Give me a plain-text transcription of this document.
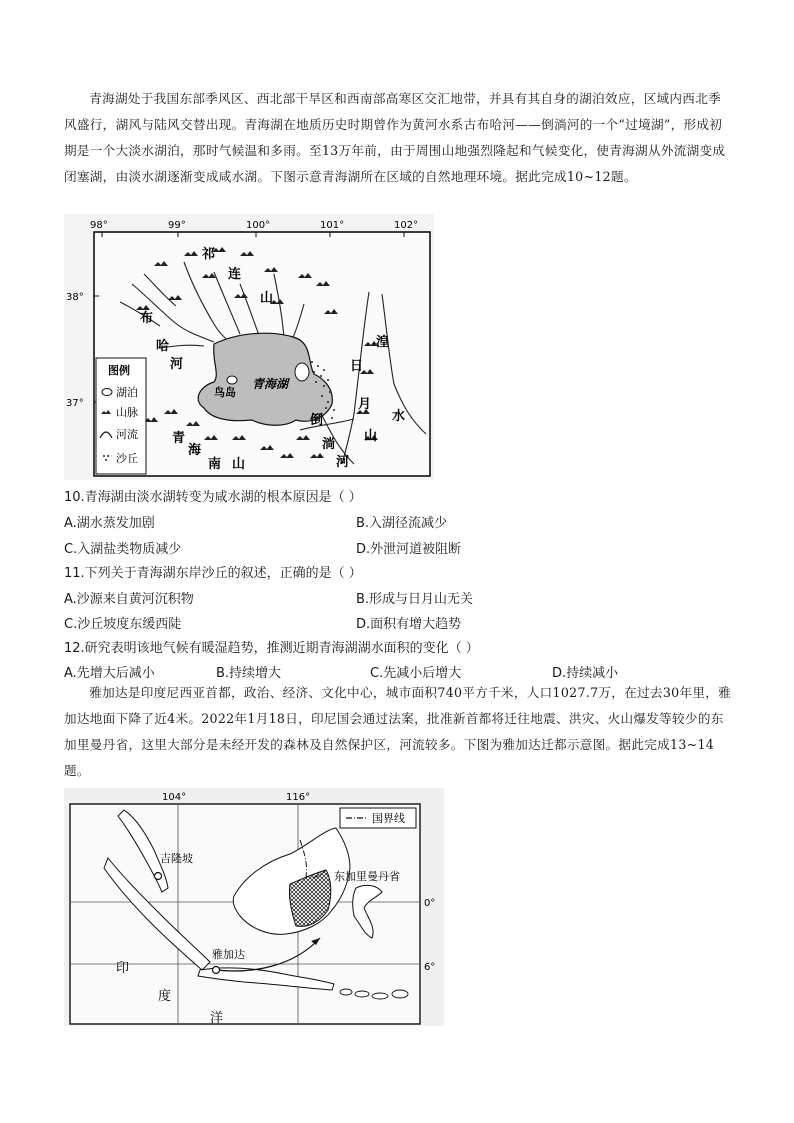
青海湖处于我国东部季风区、西北部干旱区和西南部高寒区交汇地带，并具有其自身的湖泊效应，区域内西北季风盛行，湖风与陆风交替出现。青海湖在地质历史时期曾作为黄河水系古布哈河——倒淌河的一个“过境湖”，形成初期是一个大淡水湖泊，那时气候温和多雨。至13万年前，由于周围山地强烈隆起和气候变化，使青海湖从外流湖变成闭塞湖，由淡水湖逐渐变成咸水湖。下图示意青海湖所在区域的自然地理环境。据此完成10~12题。

98°	99°	100°	101°	102°
38°
37°
青海湖
鸟岛
祁
连
山
布
哈
河	日
月
山
湟
水
青
海
南 山
倒
淌
河
图例
湖泊
山脉
河流
沙丘
10.青海湖由淡水湖转变为咸水湖的根本原因是（ ）
A.湖水蒸发加剧	B.入湖径流减少
C.入湖盐类物质减少	D.外泄河道被阻断
11.下列关于青海湖东岸沙丘的叙述，正确的是（ ）
A.沙源来自黄河沉积物	B.形成与日月山无关
C.沙丘坡度东缓西陡	D.面积有增大趋势
12.研究表明该地气候有暖湿趋势，推测近期青海湖湖水面积的变化（ ）
A.先增大后减小	B.持续增大	C.先减小后增大	D.持续减小

雅加达是印度尼西亚首都，政治、经济、文化中心，城市面积740平方千米，人口1027.7万，在过去30年里，雅加达地面下降了近4米。2022年1月18日，印尼国会通过法案，批准新首都将迁往地震、洪灾、火山爆发等较少的东加里曼丹省，这里大部分是未经开发的森林及自然保护区，河流较多。下图为雅加达迁都示意图。据此完成13~14题。

104°	116°
0°
6°
吉隆坡
东加里曼丹省
雅加达
印
度
洋
国界线
